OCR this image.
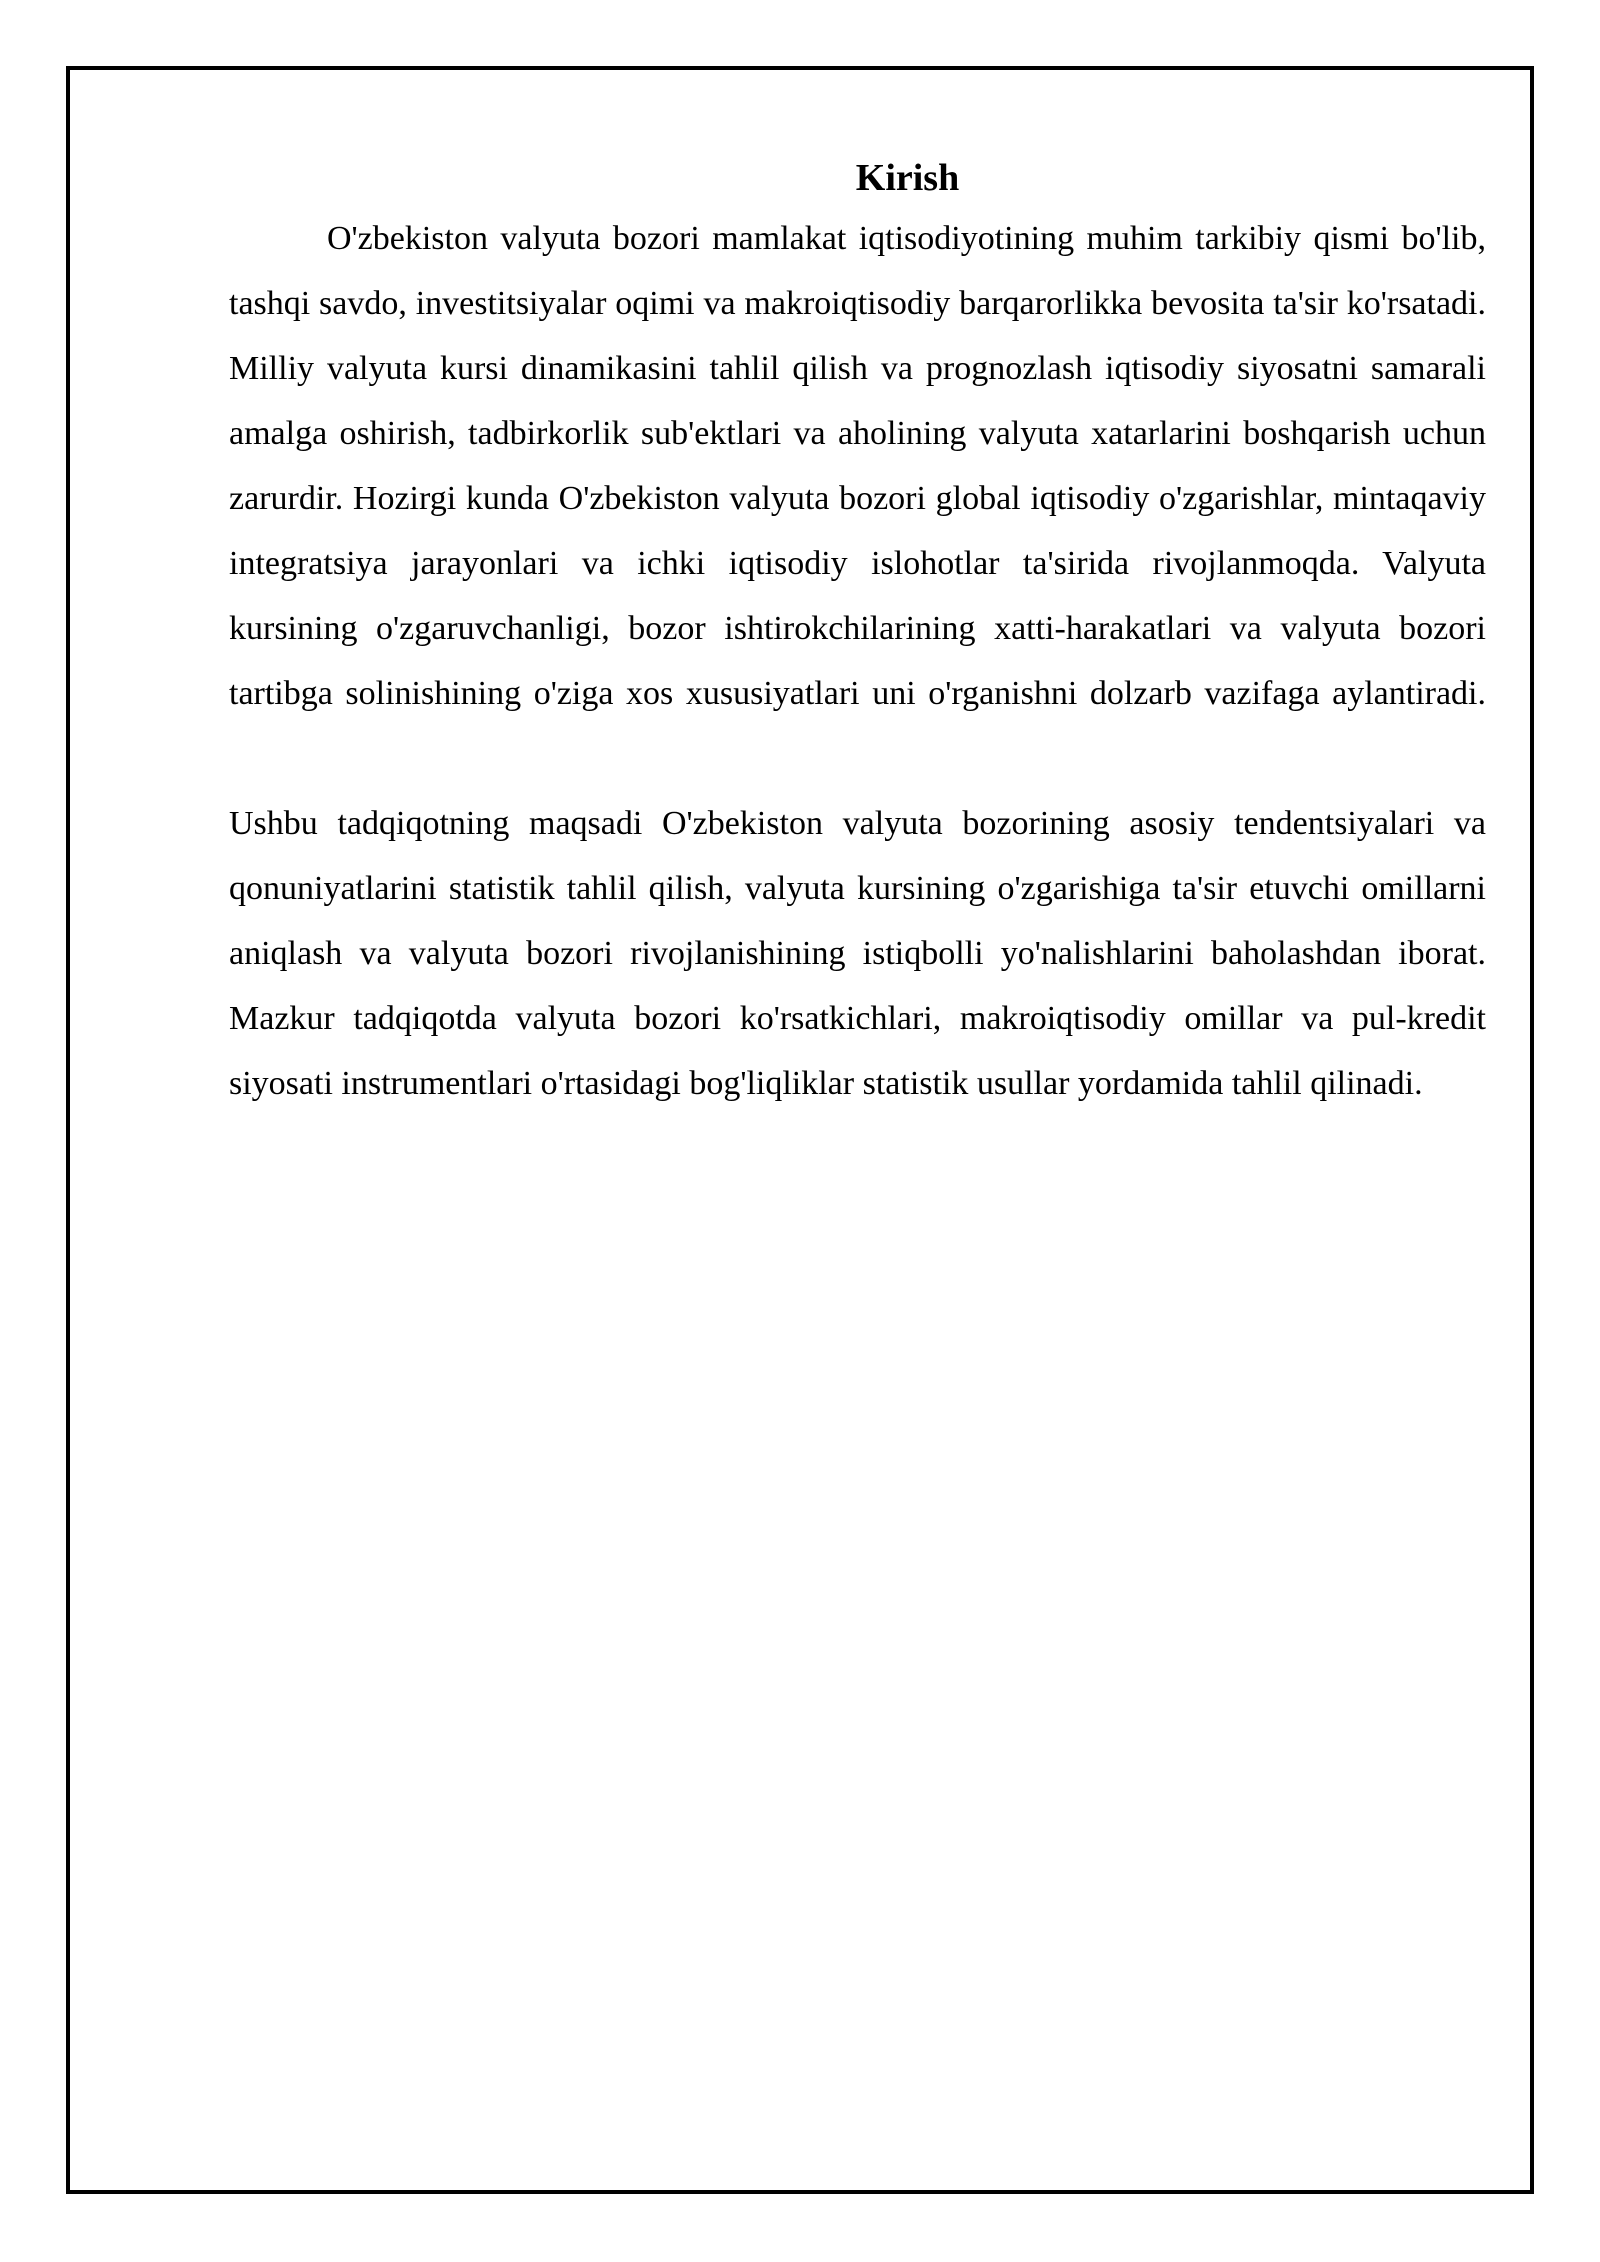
Kirish

O'zbekiston valyuta bozori mamlakat iqtisodiyotining muhim tarkibiy qismi bo'lib, tashqi savdo, investitsiyalar oqimi va makroiqtisodiy barqarorlikka bevosita ta'sir ko'rsatadi. Milliy valyuta kursi dinamikasini tahlil qilish va prognozlash iqtisodiy siyosatni samarali amalga oshirish, tadbirkorlik sub'ektlari va aholining valyuta xatarlarini boshqarish uchun zarurdir. Hozirgi kunda O'zbekiston valyuta bozori global iqtisodiy o'zgarishlar, mintaqaviy integratsiya jarayonlari va ichki iqtisodiy islohotlar ta'sirida rivojlanmoqda. Valyuta kursining o'zgaruvchanligi, bozor ishtirokchilarining xatti-harakatlari va valyuta bozori tartibga solinishining o'ziga xos xususiyatlari uni o'rganishni dolzarb vazifaga aylantiradi.

Ushbu tadqiqotning maqsadi O'zbekiston valyuta bozorining asosiy tendentsiyalari va qonuniyatlarini statistik tahlil qilish, valyuta kursining o'zgarishiga ta'sir etuvchi omillarni aniqlash va valyuta bozori rivojlanishining istiqbolli yo'nalishlarini baholashdan iborat. Mazkur tadqiqotda valyuta bozori ko'rsatkichlari, makroiqtisodiy omillar va pul-kredit siyosati instrumentlari o'rtasidagi bog'liqliklar statistik usullar yordamida tahlil qilinadi.
